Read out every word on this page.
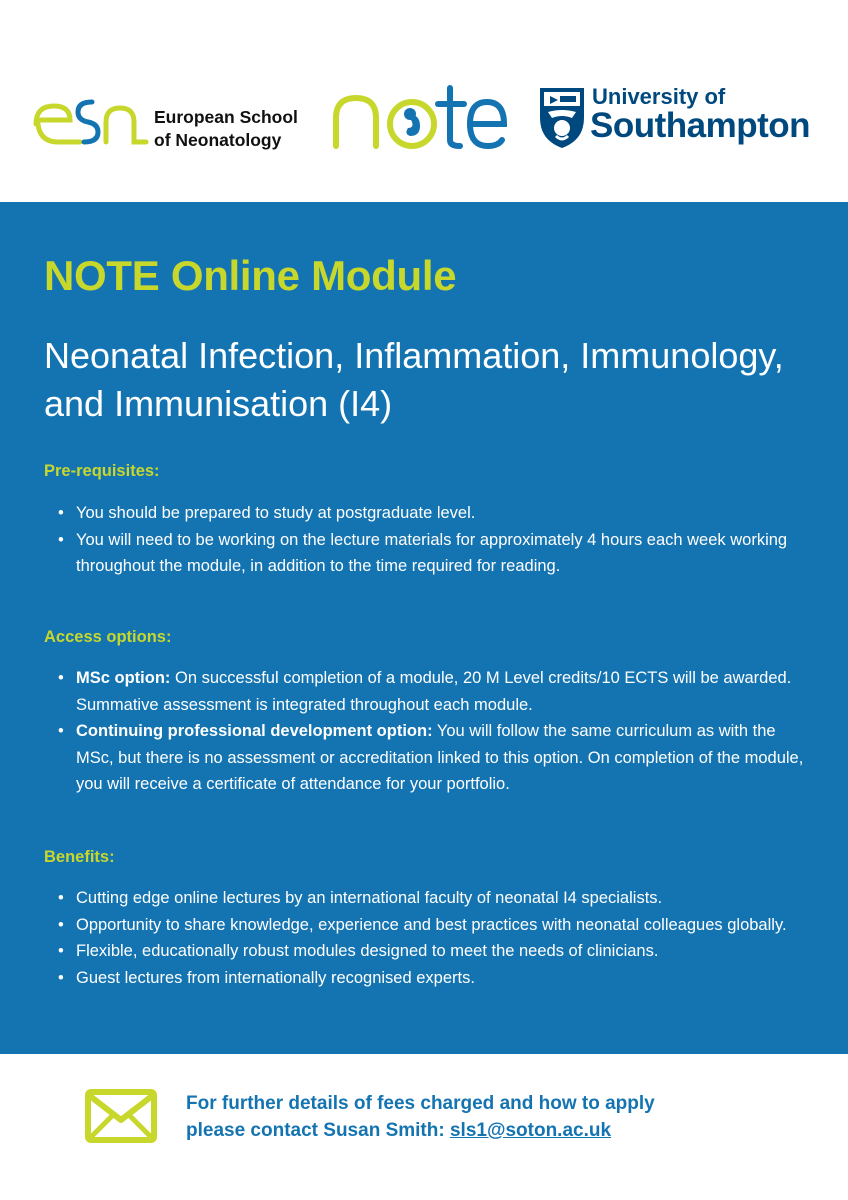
European School
of Neonatology
University of
Southampton
NOTE Online Module
Neonatal Infection, Inflammation, Immunology, and Immunisation (I4)
Pre-requisites:
• You should be prepared to study at postgraduate level.
• You will need to be working on the lecture materials for approximately 4 hours each week working throughout the module, in addition to the time required for reading.
Access options:
• MSc option: On successful completion of a module, 20 M Level credits/10 ECTS will be awarded. Summative assessment is integrated throughout each module.
• Continuing professional development option: You will follow the same curriculum as with the MSc, but there is no assessment or accreditation linked to this option. On completion of the module, you will receive a certificate of attendance for your portfolio.
Benefits:
• Cutting edge online lectures by an international faculty of neonatal I4 specialists.
• Opportunity to share knowledge, experience and best practices with neonatal colleagues globally.
• Flexible, educationally robust modules designed to meet the needs of clinicians.
• Guest lectures from internationally recognised experts.
For further details of fees charged and how to apply
please contact Susan Smith: sls1@soton.ac.uk
